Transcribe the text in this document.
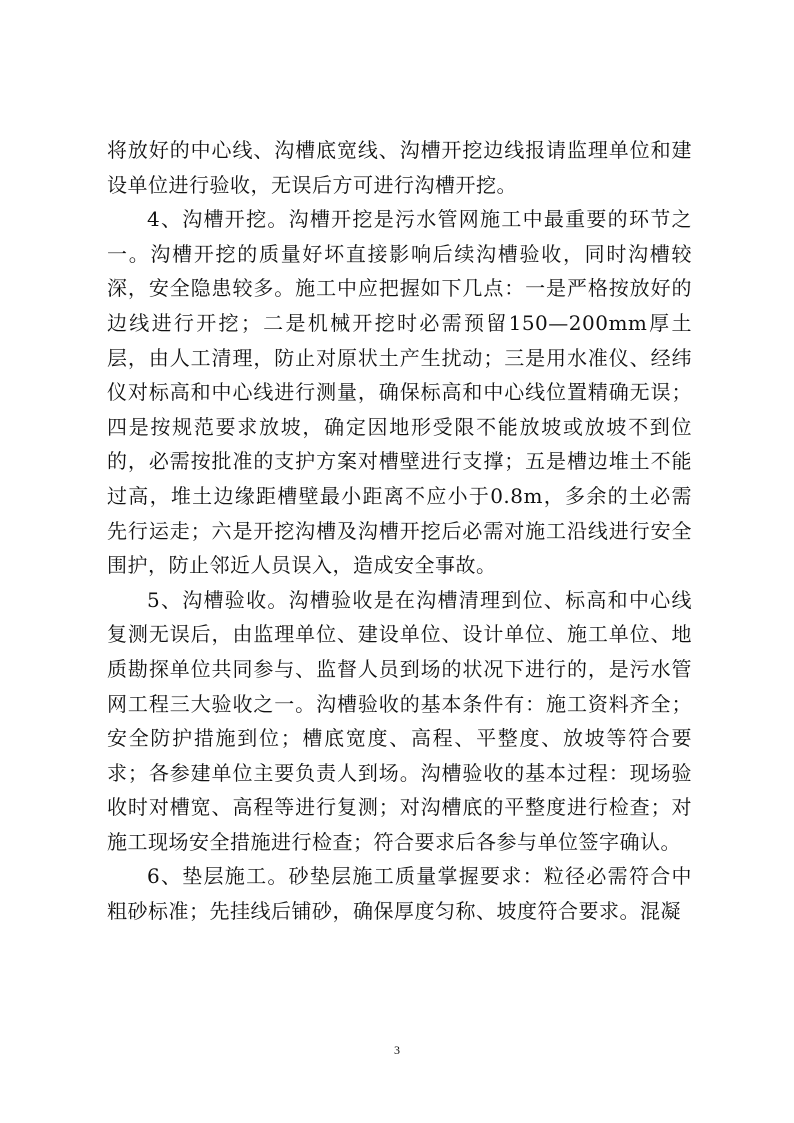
将放好的中心线、沟槽底宽线、沟槽开挖边线报请监理单位和建设单位进行验收，无误后方可进行沟槽开挖。

4、沟槽开挖。沟槽开挖是污水管网施工中最重要的环节之一。沟槽开挖的质量好坏直接影响后续沟槽验收，同时沟槽较深，安全隐患较多。施工中应把握如下几点：一是严格按放好的边线进行开挖；二是机械开挖时必需预留150—200mm厚土层，由人工清理，防止对原状土产生扰动；三是用水准仪、经纬仪对标高和中心线进行测量，确保标高和中心线位置精确无误；四是按规范要求放坡，确定因地形受限不能放坡或放坡不到位的，必需按批准的支护方案对槽壁进行支撑；五是槽边堆土不能过高，堆土边缘距槽壁最小距离不应小于0.8m，多余的土必需先行运走；六是开挖沟槽及沟槽开挖后必需对施工沿线进行安全围护，防止邻近人员误入，造成安全事故。

5、沟槽验收。沟槽验收是在沟槽清理到位、标高和中心线复测无误后，由监理单位、建设单位、设计单位、施工单位、地质勘探单位共同参与、监督人员到场的状况下进行的，是污水管网工程三大验收之一。沟槽验收的基本条件有：施工资料齐全；安全防护措施到位；槽底宽度、高程、平整度、放坡等符合要求；各参建单位主要负责人到场。沟槽验收的基本过程：现场验收时对槽宽、高程等进行复测；对沟槽底的平整度进行检查；对施工现场安全措施进行检查；符合要求后各参与单位签字确认。

6、垫层施工。砂垫层施工质量掌握要求：粒径必需符合中粗砂标准；先挂线后铺砂，确保厚度匀称、坡度符合要求。混凝

3
